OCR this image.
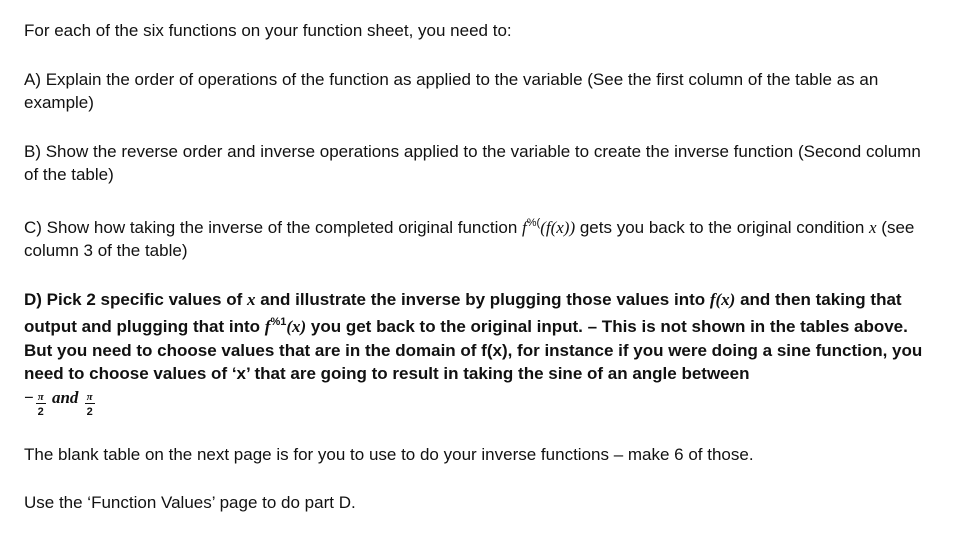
For each of the six functions on your function sheet, you need to:

A) Explain the order of operations of the function as applied to the variable (See the first column of the table as an example)

B) Show the reverse order and inverse operations applied to the variable to create the inverse function (Second column of the table)

C) Show how taking the inverse of the completed original function f%((f(x)) gets you back to the original condition x (see column 3 of the table)

D) Pick 2 specific values of x and illustrate the inverse by plugging those values into f(x) and then taking that output and plugging that into $f^{\%1}(x)$ you get back to the original input. – This is not shown in the tables above. But you need to choose values that are in the domain of f(x), for instance if you were doing a sine function, you need to choose values of ‘x’ that are going to result in taking the sine of an angle between
− $\frac{\pi}{2}$ and $\frac{\pi}{2}$

The blank table on the next page is for you to use to do your inverse functions – make 6 of those.

Use the ‘Function Values’ page to do part D.
